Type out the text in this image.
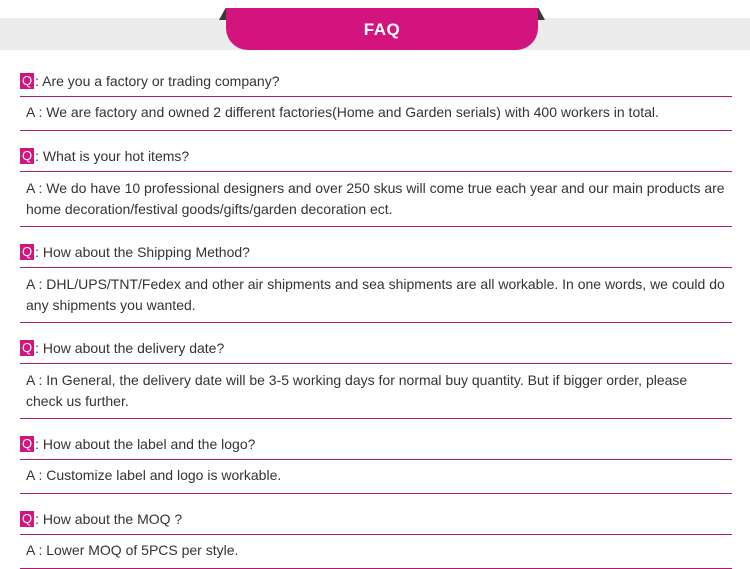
FAQ
Q : Are you a factory or trading company?
A : We are factory and owned 2 different factories(Home and Garden serials) with 400 workers in total.
Q : What is your hot items?
A : We do have 10 professional designers and over 250 skus will come true each year and our main products are home decoration/festival goods/gifts/garden decoration ect.
Q : How about the Shipping Method?
A : DHL/UPS/TNT/Fedex and other air shipments and sea shipments are all workable. In one words, we could do any shipments you wanted.
Q : How about the delivery date?
A : In General, the delivery date will be 3-5 working days for normal buy quantity. But if bigger order, please check us further.
Q : How about the label and the logo?
A : Customize label and logo is workable.
Q : How about the MOQ ?
A : Lower MOQ of 5PCS per style.
